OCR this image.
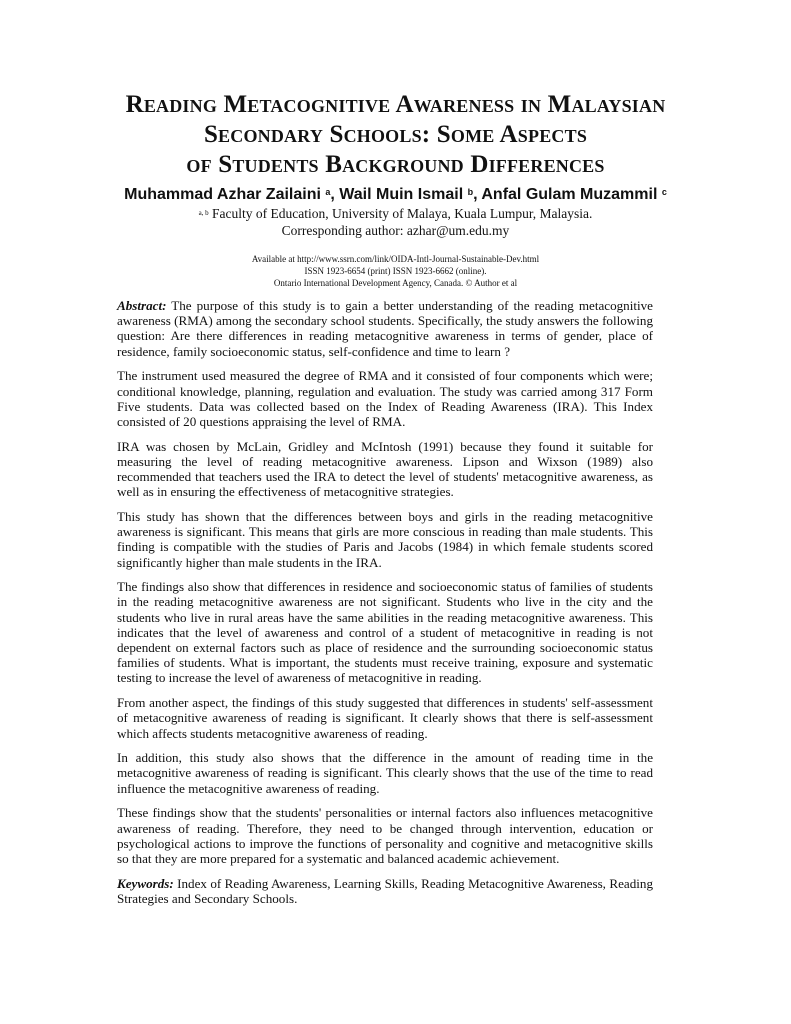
Reading Metacognitive Awareness in Malaysian
Secondary Schools: Some Aspects
of Students Background Differences
Muhammad Azhar Zailaini $^a$, Wail Muin Ismail $^b$, Anfal Gulam Muzammil $^c$
$^{a, b}$ Faculty of Education, University of Malaya, Kuala Lumpur, Malaysia.
Corresponding author: azhar@um.edu.my
Available at http://www.ssrn.com/link/OIDA-Intl-Journal-Sustainable-Dev.html
ISSN 1923-6654 (print) ISSN 1923-6662 (online).
Ontario International Development Agency, Canada. © Author et al

Abstract: The purpose of this study is to gain a better understanding of the reading metacognitive awareness (RMA) among the secondary school students. Specifically, the study answers the following question: Are there differences in reading metacognitive awareness in terms of gender, place of residence, family socioeconomic status, self-confidence and time to learn ?

The instrument used measured the degree of RMA and it consisted of four components which were; conditional knowledge, planning, regulation and evaluation. The study was carried among 317 Form Five students. Data was collected based on the Index of Reading Awareness (IRA). This Index consisted of 20 questions appraising the level of RMA.

IRA was chosen by McLain, Gridley and McIntosh (1991) because they found it suitable for measuring the level of reading metacognitive awareness. Lipson and Wixson (1989) also recommended that teachers used the IRA to detect the level of students' metacognitive awareness, as well as in ensuring the effectiveness of metacognitive strategies.

This study has shown that the differences between boys and girls in the reading metacognitive awareness is significant. This means that girls are more conscious in reading than male students. This finding is compatible with the studies of Paris and Jacobs (1984) in which female students scored significantly higher than male students in the IRA.

The findings also show that differences in residence and socioeconomic status of families of students in the reading metacognitive awareness are not significant. Students who live in the city and the students who live in rural areas have the same abilities in the reading metacognitive awareness. This indicates that the level of awareness and control of a student of metacognitive in reading is not dependent on external factors such as place of residence and the surrounding socioeconomic status families of students. What is important, the students must receive training, exposure and systematic testing to increase the level of awareness of metacognitive in reading.

From another aspect, the findings of this study suggested that differences in students' self-assessment of metacognitive awareness of reading is significant. It clearly shows that there is self-assessment which affects students metacognitive awareness of reading.

In addition, this study also shows that the difference in the amount of reading time in the metacognitive awareness of reading is significant. This clearly shows that the use of the time to read influence the metacognitive awareness of reading.

These findings show that the students' personalities or internal factors also influences metacognitive awareness of reading. Therefore, they need to be changed through intervention, education or psychological actions to improve the functions of personality and cognitive and metacognitive skills so that they are more prepared for a systematic and balanced academic achievement.

Keywords: Index of Reading Awareness, Learning Skills, Reading Metacognitive Awareness, Reading Strategies and Secondary Schools.
